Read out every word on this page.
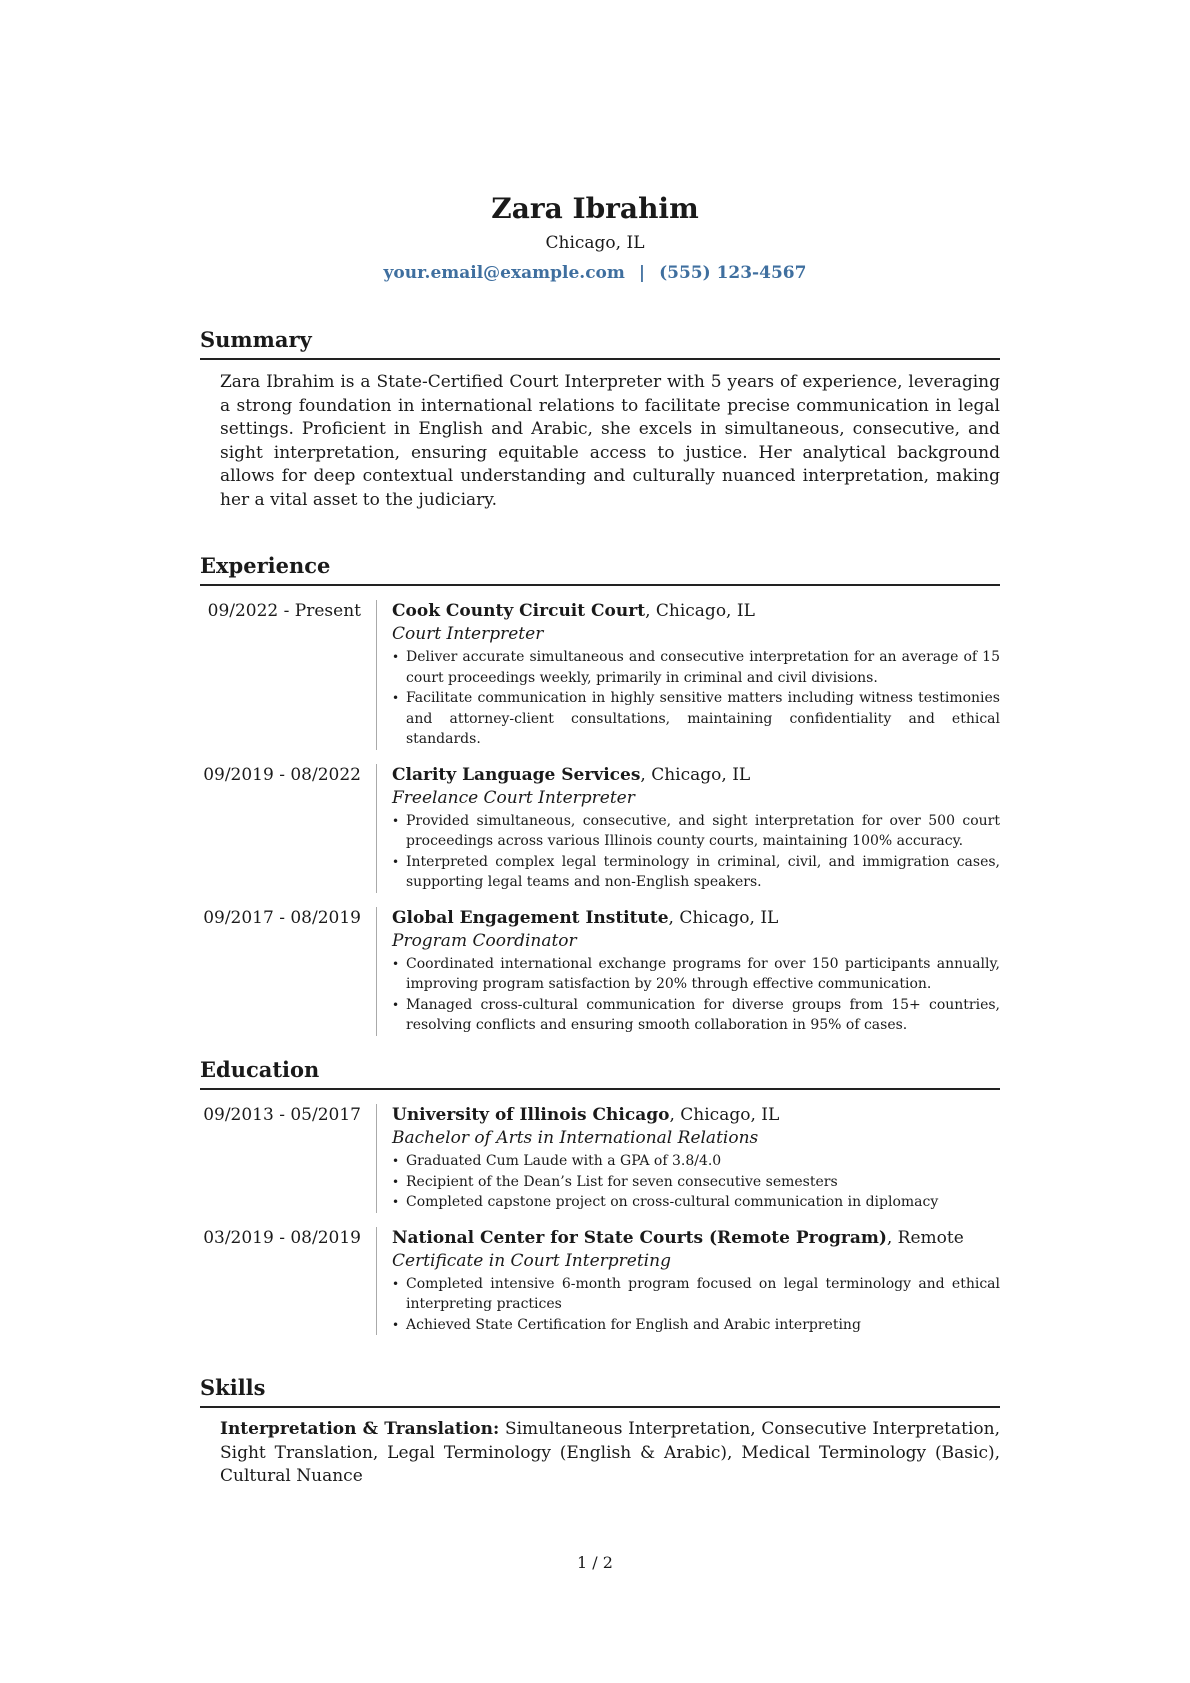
Zara Ibrahim
Chicago, IL
your.email@example.com | (555) 123-4567
Summary
Zara Ibrahim is a State-Certified Court Interpreter with 5 years of experience, leveraging a strong foundation in international relations to facilitate precise communication in legal settings. Proficient in English and Arabic, she excels in simultaneous, consecutive, and sight interpretation, ensuring equitable access to justice. Her analytical background allows for deep contextual understanding and culturally nuanced interpretation, making her a vital asset to the judiciary.
Experience
09/2022 - Present	Cook County Circuit Court, Chicago, IL
Court Interpreter
• Deliver accurate simultaneous and consecutive interpretation for an average of 15 court proceedings weekly, primarily in criminal and civil divisions.
• Facilitate communication in highly sensitive matters including witness testimonies and attorney-client consultations, maintaining confidentiality and ethical standards.
09/2019 - 08/2022	Clarity Language Services, Chicago, IL
Freelance Court Interpreter
• Provided simultaneous, consecutive, and sight interpretation for over 500 court proceedings across various Illinois county courts, maintaining 100% accuracy.
• Interpreted complex legal terminology in criminal, civil, and immigration cases, supporting legal teams and non-English speakers.
09/2017 - 08/2019	Global Engagement Institute, Chicago, IL
Program Coordinator
• Coordinated international exchange programs for over 150 participants annually, improving program satisfaction by 20% through effective communication.
• Managed cross-cultural communication for diverse groups from 15+ countries, resolving conflicts and ensuring smooth collaboration in 95% of cases.
Education
09/2013 - 05/2017	University of Illinois Chicago, Chicago, IL
Bachelor of Arts in International Relations
• Graduated Cum Laude with a GPA of 3.8/4.0
• Recipient of the Dean’s List for seven consecutive semesters
• Completed capstone project on cross-cultural communication in diplomacy
03/2019 - 08/2019	National Center for State Courts (Remote Program), Remote
Certificate in Court Interpreting
• Completed intensive 6-month program focused on legal terminology and ethical interpreting practices
• Achieved State Certification for English and Arabic interpreting
Skills
Interpretation & Translation: Simultaneous Interpretation, Consecutive Interpretation, Sight Translation, Legal Terminology (English & Arabic), Medical Terminology (Basic), Cultural Nuance
1 / 2
